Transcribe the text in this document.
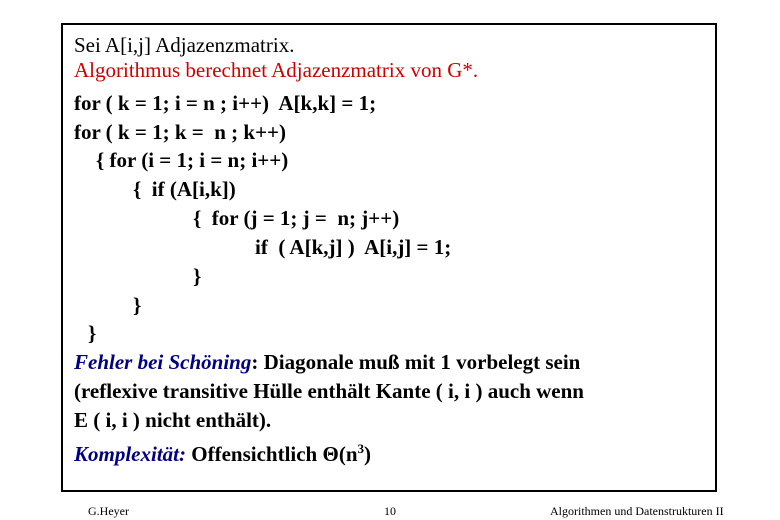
Sei A[i,j] Adjazenzmatrix.
Algorithmus berechnet Adjazenzmatrix von G*.
for ( k = 1; i = n ; i++)  A[k,k] = 1;
for ( k = 1; k =  n ; k++)
{ for (i = 1; i = n; i++)
{  if (A[i,k])
{  for (j = 1; j =  n; j++)
if  ( A[k,j] )  A[i,j] = 1;
}
}
}
Fehler bei Schöning: Diagonale muß mit 1 vorbelegt sein
(reflexive transitive Hülle enthält Kante ( i, i ) auch wenn
E ( i, i ) nicht enthält).
Komplexität: Offensichtlich $\Theta(n^3)$
G.Heyer	10	Algorithmen und Datenstrukturen II
